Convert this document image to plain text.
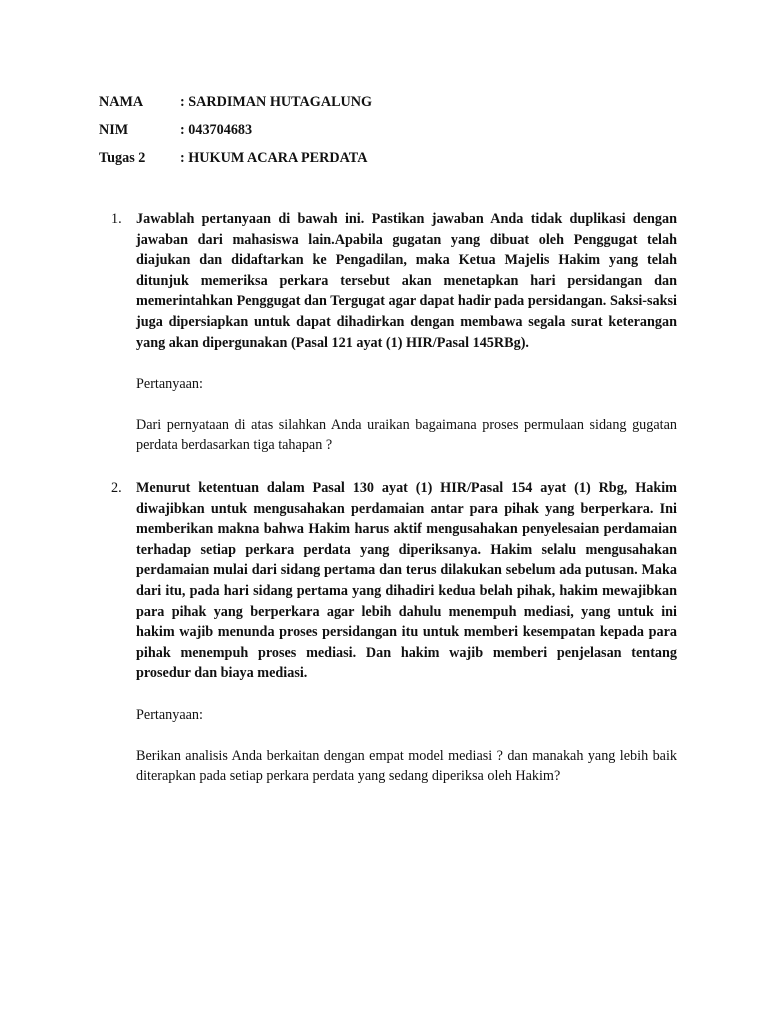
NAMA	: SARDIMAN HUTAGALUNG
NIM	: 043704683
Tugas 2	: HUKUM ACARA PERDATA
1. Jawablah pertanyaan di bawah ini. Pastikan jawaban Anda tidak duplikasi dengan jawaban dari mahasiswa lain.Apabila gugatan yang dibuat oleh Penggugat telah diajukan dan didaftarkan ke Pengadilan, maka Ketua Majelis Hakim yang telah ditunjuk memeriksa perkara tersebut akan menetapkan hari persidangan dan memerintahkan Penggugat dan Tergugat agar dapat hadir pada persidangan. Saksi-saksi juga dipersiapkan untuk dapat dihadirkan dengan membawa segala surat keterangan yang akan dipergunakan (Pasal 121 ayat (1) HIR/Pasal 145RBg).
Pertanyaan:
Dari pernyataan di atas silahkan Anda uraikan bagaimana proses permulaan sidang gugatan perdata berdasarkan tiga tahapan ?
2. Menurut ketentuan dalam Pasal 130 ayat (1) HIR/Pasal 154 ayat (1) Rbg, Hakim diwajibkan untuk mengusahakan perdamaian antar para pihak yang berperkara. Ini memberikan makna bahwa Hakim harus aktif mengusahakan penyelesaian perdamaian terhadap setiap perkara perdata yang diperiksanya. Hakim selalu mengusahakan perdamaian mulai dari sidang pertama dan terus dilakukan sebelum ada putusan. Maka dari itu, pada hari sidang pertama yang dihadiri kedua belah pihak, hakim mewajibkan para pihak yang berperkara agar lebih dahulu menempuh mediasi, yang untuk ini hakim wajib menunda proses persidangan itu untuk memberi kesempatan kepada para pihak menempuh proses mediasi. Dan hakim wajib memberi penjelasan tentang prosedur dan biaya mediasi.
Pertanyaan:
Berikan analisis Anda berkaitan dengan empat model mediasi ? dan manakah yang lebih baik diterapkan pada setiap perkara perdata yang sedang diperiksa oleh Hakim?
